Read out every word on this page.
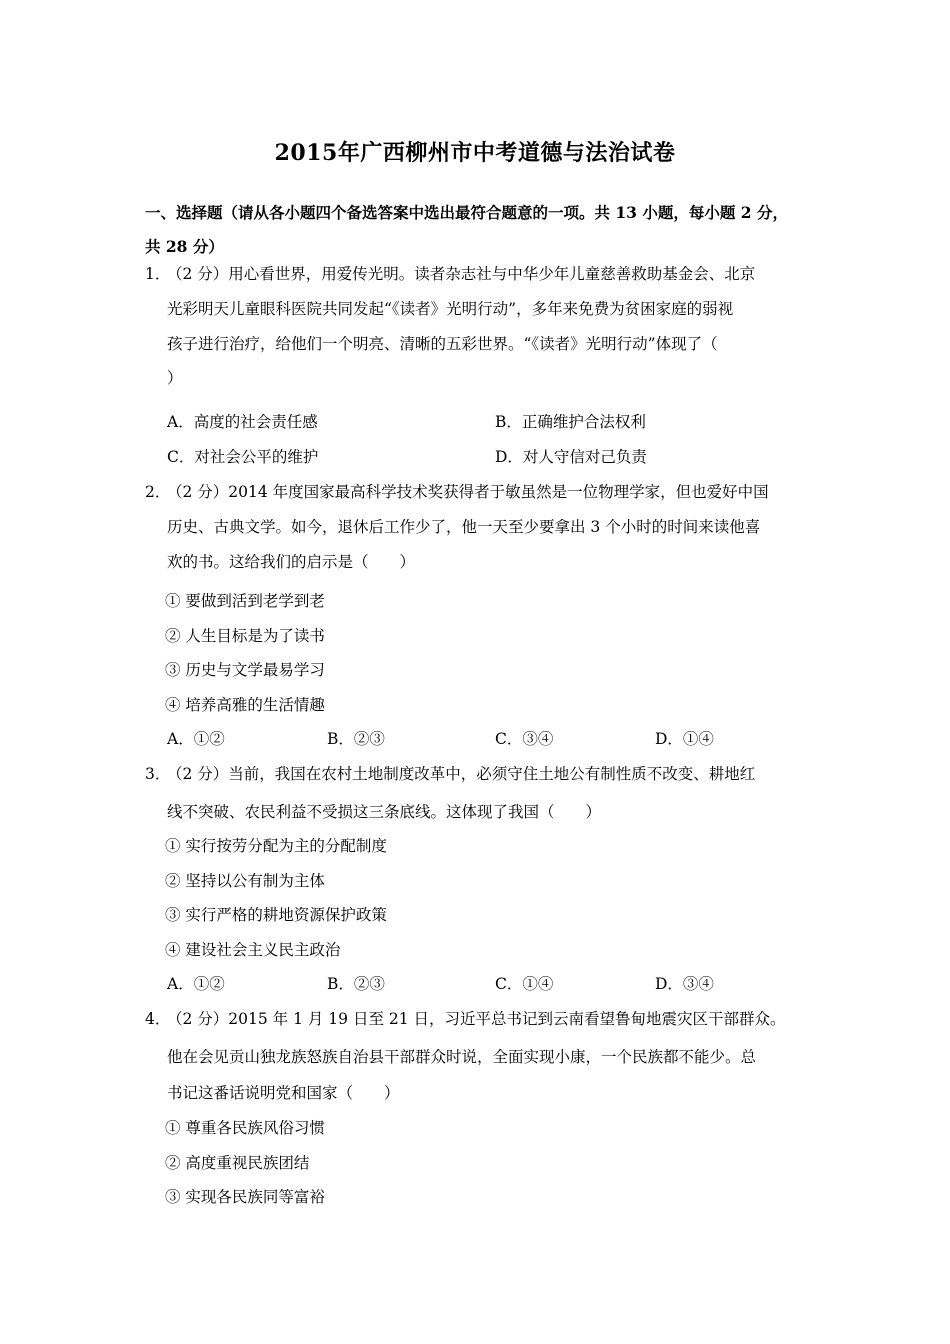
2015年广西柳州市中考道德与法治试卷
一、选择题（请从各小题四个备选答案中选出最符合题意的一项。共 13 小题，每小题 2 分，
共 28 分）
1．
（2 分）用心看世界，用爱传光明。读者杂志社与中华少年儿童慈善救助基金会、北京
光彩明天儿童眼科医院共同发起“《读者》光明行动”，多年来免费为贫困家庭的弱视
孩子进行治疗，给他们一个明亮、清晰的五彩世界。“《读者》光明行动”体现了（
）
A．高度的社会责任感	B．正确维护合法权利
C．对社会公平的维护	D．对人守信对己负责
2．
（2 分）2014 年度国家最高科学技术奖获得者于敏虽然是一位物理学家，但也爱好中国
历史、古典文学。如今，退休后工作少了，他一天至少要拿出 3 个小时的时间来读他喜
欢的书。这给我们的启示是（　　）
① 要做到活到老学到老
② 人生目标是为了读书
③ 历史与文学最易学习
④ 培养高雅的生活情趣
A．①②	B．②③	C．③④	D．①④
3．
（2 分）当前，我国在农村土地制度改革中，必须守住土地公有制性质不改变、耕地红
线不突破、农民利益不受损这三条底线。这体现了我国（　　）
① 实行按劳分配为主的分配制度
② 坚持以公有制为主体
③ 实行严格的耕地资源保护政策
④ 建设社会主义民主政治
A．①②	B．②③	C．①④	D．③④
4．
（2 分）2015 年 1 月 19 日至 21 日，习近平总书记到云南看望鲁甸地震灾区干部群众。
他在会见贡山独龙族怒族自治县干部群众时说，全面实现小康，一个民族都不能少。总
书记这番话说明党和国家（　　）
① 尊重各民族风俗习惯
② 高度重视民族团结
③ 实现各民族同等富裕
